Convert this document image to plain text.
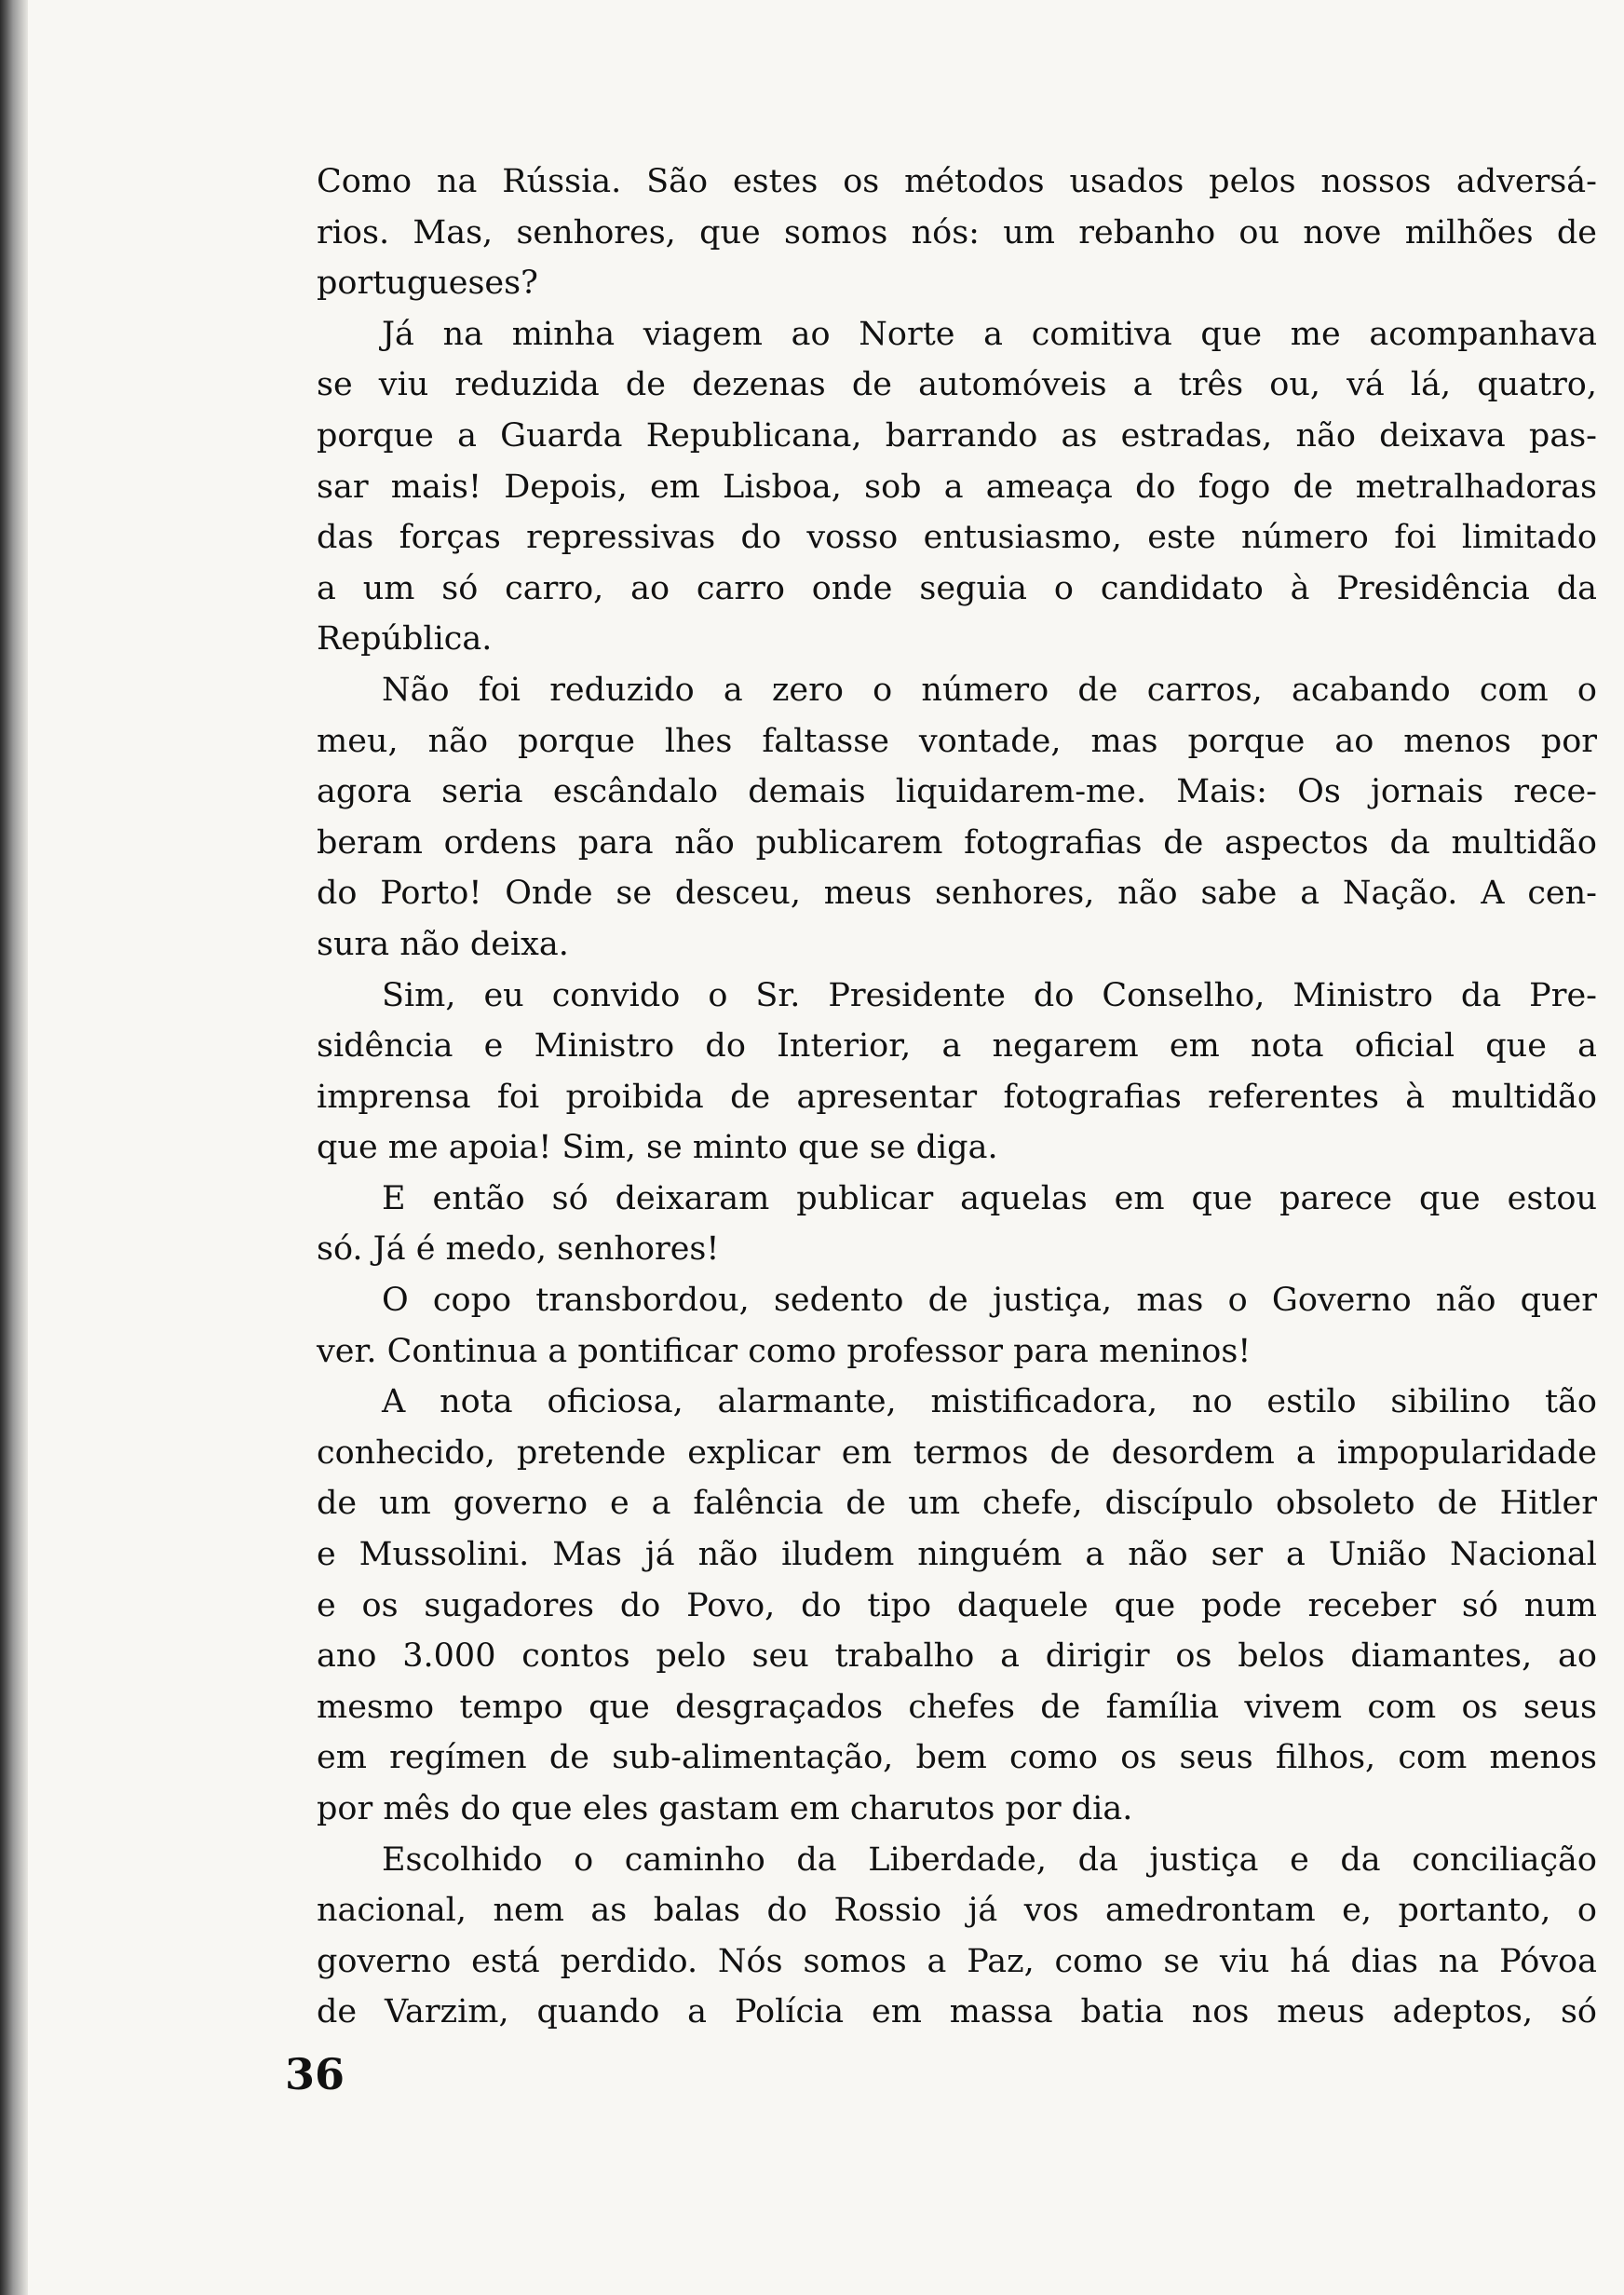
Como na Rússia. São estes os métodos usados pelos nossos adversá-
rios. Mas, senhores, que somos nós: um rebanho ou nove milhões de
portugueses?
Já na minha viagem ao Norte a comitiva que me acompanhava
se viu reduzida de dezenas de automóveis a três ou, vá lá, quatro,
porque a Guarda Republicana, barrando as estradas, não deixava pas-
sar mais! Depois, em Lisboa, sob a ameaça do fogo de metralhadoras
das forças repressivas do vosso entusiasmo, este número foi limitado
a um só carro, ao carro onde seguia o candidato à Presidência da
República.
Não foi reduzido a zero o número de carros, acabando com o
meu, não porque lhes faltasse vontade, mas porque ao menos por
agora seria escândalo demais liquidarem-me. Mais: Os jornais rece-
beram ordens para não publicarem fotografias de aspectos da multidão
do Porto! Onde se desceu, meus senhores, não sabe a Nação. A cen-
sura não deixa.
Sim, eu convido o Sr. Presidente do Conselho, Ministro da Pre-
sidência e Ministro do Interior, a negarem em nota oficial que a
imprensa foi proibida de apresentar fotografias referentes à multidão
que me apoia! Sim, se minto que se diga.
E então só deixaram publicar aquelas em que parece que estou
só. Já é medo, senhores!
O copo transbordou, sedento de justiça, mas o Governo não quer
ver. Continua a pontificar como professor para meninos!
A nota oficiosa, alarmante, mistificadora, no estilo sibilino tão
conhecido, pretende explicar em termos de desordem a impopularidade
de um governo e a falência de um chefe, discípulo obsoleto de Hitler
e Mussolini. Mas já não iludem ninguém a não ser a União Nacional
e os sugadores do Povo, do tipo daquele que pode receber só num
ano 3.000 contos pelo seu trabalho a dirigir os belos diamantes, ao
mesmo tempo que desgraçados chefes de família vivem com os seus
em regímen de sub-alimentação, bem como os seus filhos, com menos
por mês do que eles gastam em charutos por dia.
Escolhido o caminho da Liberdade, da justiça e da conciliação
nacional, nem as balas do Rossio já vos amedrontam e, portanto, o
governo está perdido. Nós somos a Paz, como se viu há dias na Póvoa
de Varzim, quando a Polícia em massa batia nos meus adeptos, só
36
